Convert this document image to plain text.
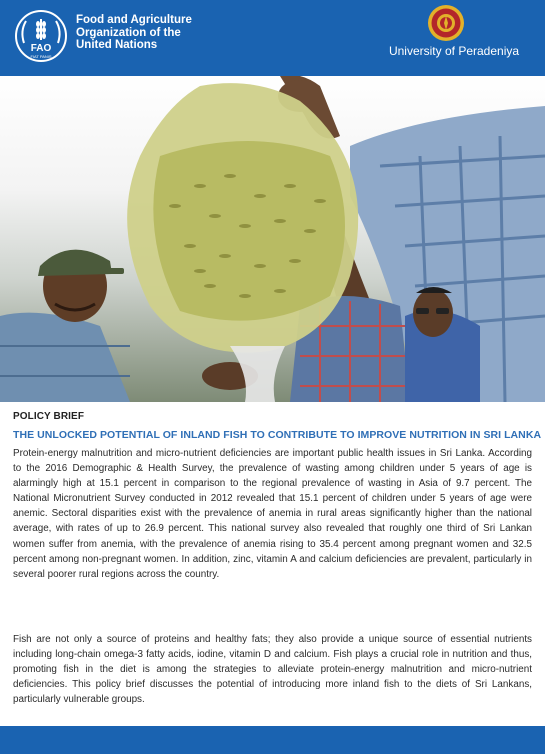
FAO
FIAT PANIS
Food and Agriculture
Organization of the
United Nations	University of Peradeniya
POLICY BRIEF
THE UNLOCKED POTENTIAL OF INLAND FISH TO CONTRIBUTE TO IMPROVE NUTRITION IN SRI LANKA

Protein-energy malnutrition and micro-nutrient deficiencies are important public health issues in Sri Lanka. According to the 2016 Demographic & Health Survey, the prevalence of wasting among children under 5 years of age is alarmingly high at 15.1 percent in comparison to the regional prevalence of wasting in Asia of 9.7 percent. The National Micronutrient Survey conducted in 2012 revealed that 15.1 percent of children under 5 years of age were anemic. Sectoral disparities exist with the prevalence of anemia in rural areas significantly higher than the national average, with rates of up to 26.9 percent. This national survey also revealed that roughly one third of Sri Lankan women suffer from anemia, with the prevalence of anemia rising to 35.4 percent among pregnant women and 32.5 percent among non-pregnant women. In addition, zinc, vitamin A and calcium deficiencies are prevalent, particularly in several poorer rural regions across the country.

Fish are not only a source of proteins and healthy fats; they also provide a unique source of essential nutrients including long-chain omega-3 fatty acids, iodine, vitamin D and calcium. Fish plays a crucial role in nutrition and thus, promoting fish in the diet is among the strategies to alleviate protein-energy malnutrition and micro-nutrient deficiencies. This policy brief discusses the potential of introducing more inland fish to the diets of Sri Lankans, particularly vulnerable groups.
